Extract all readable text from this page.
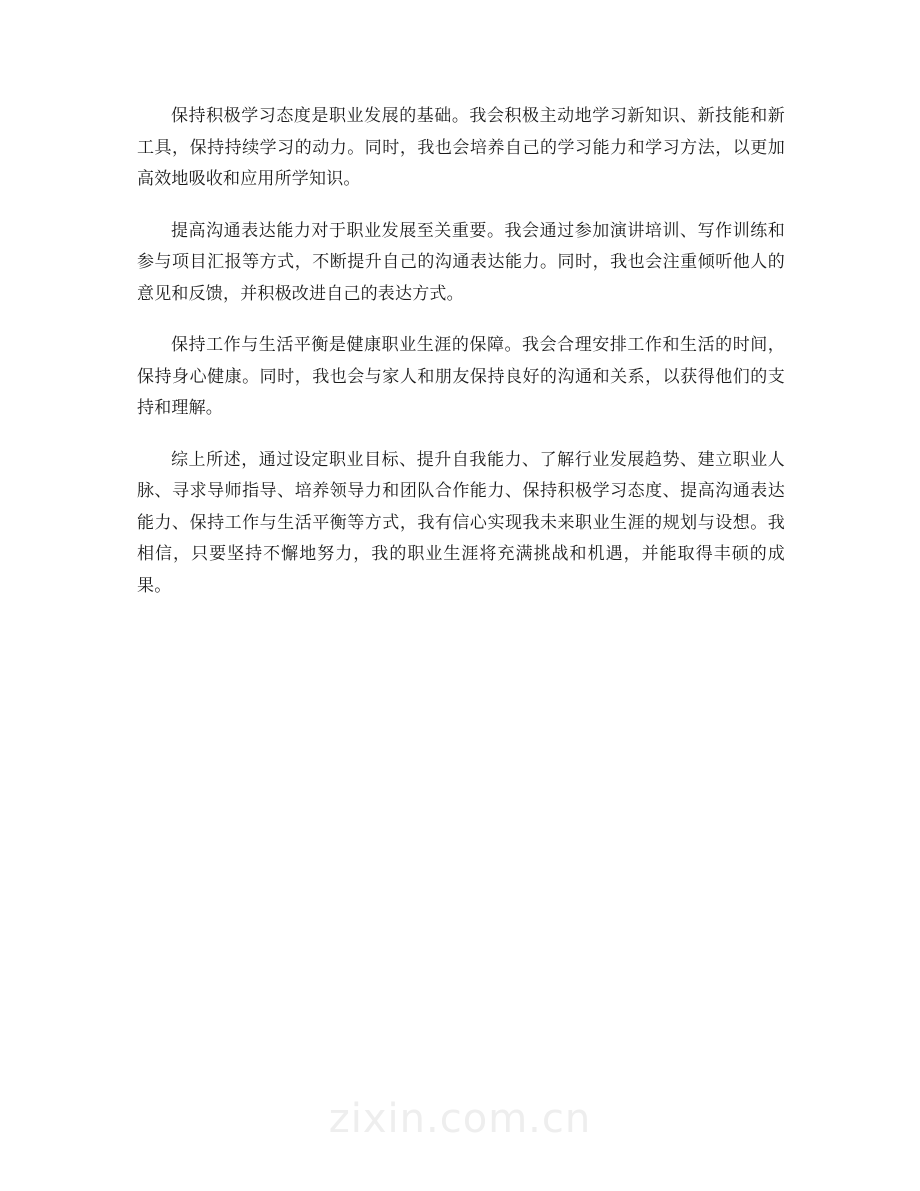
保持积极学习态度是职业发展的基础。我会积极主动地学习新知识、新技能和新工具，保持持续学习的动力。同时，我也会培养自己的学习能力和学习方法，以更加高效地吸收和应用所学知识。

提高沟通表达能力对于职业发展至关重要。我会通过参加演讲培训、写作训练和参与项目汇报等方式，不断提升自己的沟通表达能力。同时，我也会注重倾听他人的意见和反馈，并积极改进自己的表达方式。

保持工作与生活平衡是健康职业生涯的保障。我会合理安排工作和生活的时间，保持身心健康。同时，我也会与家人和朋友保持良好的沟通和关系，以获得他们的支持和理解。

综上所述，通过设定职业目标、提升自我能力、了解行业发展趋势、建立职业人脉、寻求导师指导、培养领导力和团队合作能力、保持积极学习态度、提高沟通表达能力、保持工作与生活平衡等方式，我有信心实现我未来职业生涯的规划与设想。我相信，只要坚持不懈地努力，我的职业生涯将充满挑战和机遇，并能取得丰硕的成果。

zixin.com.cn
